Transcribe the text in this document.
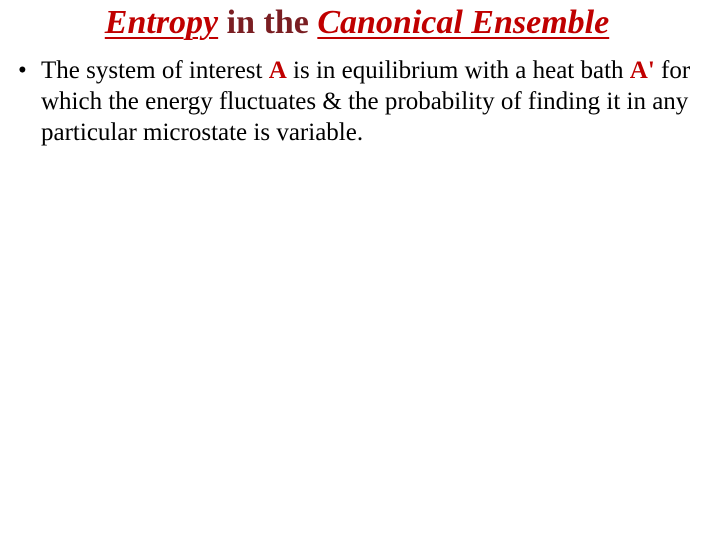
Entropy in the Canonical Ensemble
• The system of interest A is in equilibrium with a heat bath A' for which the energy fluctuates & the probability of finding it in any particular microstate is variable.
